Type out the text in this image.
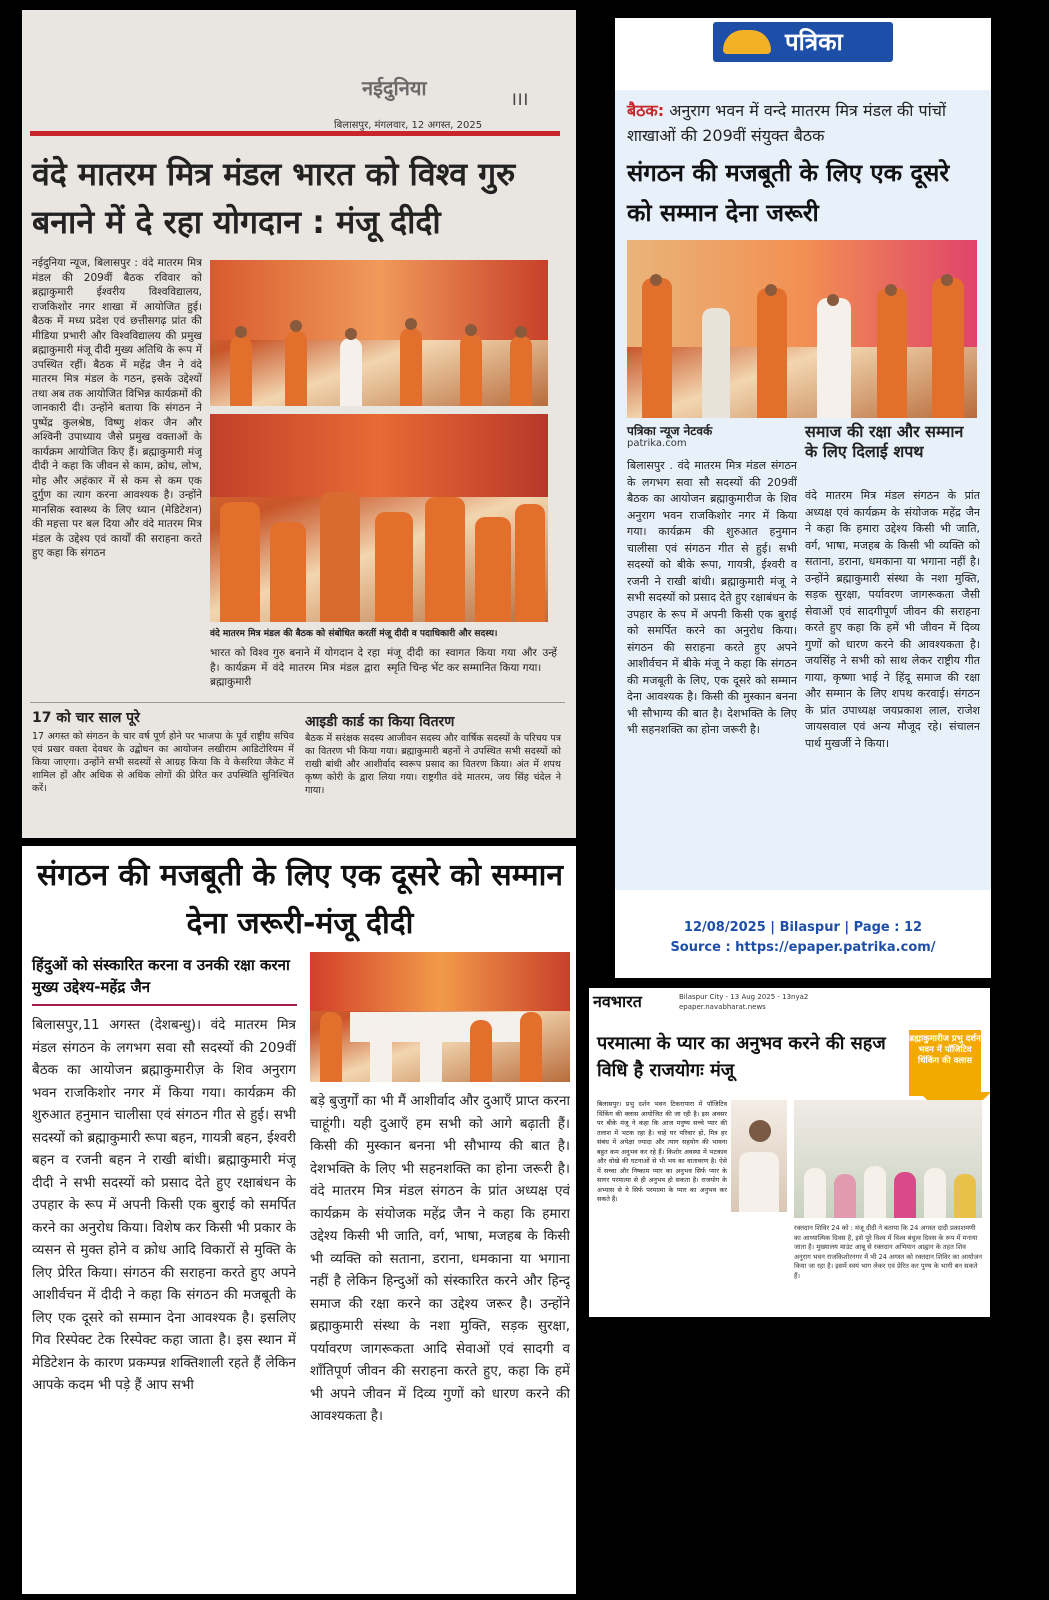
नईदुनिया	III
बिलासपुर, मंगलवार, 12 अगस्त, 2025
वंदे मातरम मित्र मंडल भारत को विश्व गुरु बनाने में दे रहा योगदान : मंजू दीदी
नईदुनिया न्यूज, बिलासपुर : वंदे मातरम मित्र मंडल की 209वीं बैठक रविवार को ब्रह्माकुमारी ईश्वरीय विश्वविद्यालय, राजकिशोर नगर शाखा में आयोजित हुई। बैठक में मध्य प्रदेश एवं छत्तीसगढ़ प्रांत की मीडिया प्रभारी और विश्वविद्यालय की प्रमुख ब्रह्माकुमारी मंजू दीदी मुख्य अतिथि के रूप में उपस्थित रहीं। बैठक में महेंद्र जैन ने वंदे मातरम मित्र मंडल के गठन, इसके उद्देश्यों तथा अब तक आयोजित विभिन्न कार्यक्रमों की जानकारी दी। उन्होंने बताया कि संगठन ने पुष्पेंद्र कुलश्रेष्ठ, विष्णु शंकर जैन और अश्विनी उपाध्याय जैसे प्रमुख वक्ताओं के कार्यक्रम आयोजित किए हैं। ब्रह्माकुमारी मंजू दीदी ने कहा कि जीवन से काम, क्रोध, लोभ, मोह और अहंकार में से कम से कम एक दुर्गुण का त्याग करना आवश्यक है। उन्होंने मानसिक स्वास्थ्य के लिए ध्यान (मेडिटेशन) की महत्ता पर बल दिया और वंदे मातरम मित्र मंडल के उद्देश्य एवं कार्यों की सराहना करते हुए कहा कि संगठन
वंदे मातरम मित्र मंडल की बैठक को संबोधित करतीं मंजू दीदी व पदाधिकारी और सदस्य।
भारत को विश्व गुरु बनाने में योगदान दे रहा है। कार्यक्रम में वंदे मातरम मित्र मंडल द्वारा ब्रह्माकुमारी
मंजू दीदी का स्वागत किया गया और उन्हें स्मृति चिन्ह भेंट कर सम्मानित किया गया।
17 को चार साल पूरे
17 अगस्त को संगठन के चार वर्ष पूर्ण होने पर भाजपा के पूर्व राष्ट्रीय सचिव एवं प्रखर वक्ता देवधर के उद्बोधन का आयोजन लखीराम आडिटोरियम में किया जाएगा। उन्होंने सभी सदस्यों से आग्रह किया कि वे केसरिया जैकेट में शामिल हों और अधिक से अधिक लोगों की प्रेरित कर उपस्थिति सुनिश्चित करें।
आइडी कार्ड का किया वितरण
बैठक में सरंक्षक सदस्य आजीवन सदस्य और वार्षिक सदस्यों के परिचय पत्र का वितरण भी किया गया। ब्रह्माकुमारी बहनों ने उपस्थित सभी सदस्यों को राखी बांधी और आशीर्वाद स्वरूप प्रसाद का वितरण किया। अंत में शपथ कृष्ण कोरी के द्वारा लिया गया। राष्ट्रगीत वंदे मातरम, जय सिंह चंदेल ने गाया।
पत्रिका
बैठक: अनुराग भवन में वन्दे मातरम मित्र मंडल की पांचों शाखाओं की 209वीं संयुक्त बैठक
संगठन की मजबूती के लिए एक दूसरे को सम्मान देना जरूरी
पत्रिका न्यूज नेटवर्क
patrika.com
बिलासपुर . वंदे मातरम मित्र मंडल संगठन के लगभग सवा सौ सदस्यों की 209वीं बैठक का आयोजन ब्रह्माकुमारीज के शिव अनुराग भवन राजकिशोर नगर में किया गया। कार्यक्रम की शुरुआत हनुमान चालीसा एवं संगठन गीत से हुई। सभी सदस्यों को बीके रूपा, गायत्री, ईश्वरी व रजनी ने राखी बांधी। ब्रह्माकुमारी मंजू ने सभी सदस्यों को प्रसाद देते हुए रक्षाबंधन के उपहार के रूप में अपनी किसी एक बुराई को समर्पित करने का अनुरोध किया। संगठन की सराहना करते हुए अपने आशीर्वचन में बीके मंजू ने कहा कि संगठन की मजबूती के लिए, एक दूसरे को सम्मान देना आवश्यक है। किसी की मुस्कान बनना भी सौभाग्य की बात है। देशभक्ति के लिए भी सहनशक्ति का होना जरूरी है।
समाज की रक्षा और सम्मान के लिए दिलाई शपथ
वंदे मातरम मित्र मंडल संगठन के प्रांत अध्यक्ष एवं कार्यक्रम के संयोजक महेंद्र जैन ने कहा कि हमारा उद्देश्य किसी भी जाति, वर्ग, भाषा, मजहब के किसी भी व्यक्ति को सताना, डराना, धमकाना या भगाना नहीं है। उन्होंने ब्रह्माकुमारी संस्था के नशा मुक्ति, सड़क सुरक्षा, पर्यावरण जागरूकता जैसी सेवाओं एवं सादगीपूर्ण जीवन की सराहना करते हुए कहा कि हमें भी जीवन में दिव्य गुणों को धारण करने की आवश्यकता है। जयसिंह ने सभी को साथ लेकर राष्ट्रीय गीत गाया, कृष्णा भाई ने हिंदू समाज की रक्षा और सम्मान के लिए शपथ करवाई। संगठन के प्रांत उपाध्यक्ष जयप्रकाश लाल, राजेश जायसवाल एवं अन्य मौजूद रहे। संचालन पार्थ मुखर्जी ने किया।
12/08/2025 | Bilaspur | Page : 12
Source : https://epaper.patrika.com/
संगठन की मजबूती के लिए एक दूसरे को सम्मान देना जरूरी-मंजू दीदी
हिंदुओं को संस्कारित करना व उनकी रक्षा करना मुख्य उद्देश्य-महेंद्र जैन
बिलासपुर,11 अगस्त (देशबन्धु)। वंदे मातरम मित्र मंडल संगठन के लगभग सवा सौ सदस्यों की 209वीं बैठक का आयोजन ब्रह्माकुमारीज़ के शिव अनुराग भवन राजकिशोर नगर में किया गया। कार्यक्रम की शुरुआत हनुमान चालीसा एवं संगठन गीत से हुई। सभी सदस्यों को ब्रह्माकुमारी रूपा बहन, गायत्री बहन, ईश्वरी बहन व रजनी बहन ने राखी बांधी। ब्रह्माकुमारी मंजू दीदी ने सभी सदस्यों को प्रसाद देते हुए रक्षाबंधन के उपहार के रूप में अपनी किसी एक बुराई को समर्पित करने का अनुरोध किया। विशेष कर किसी भी प्रकार के व्यसन से मुक्त होने व क्रोध आदि विकारों से मुक्ति के लिए प्रेरित किया। संगठन की सराहना करते हुए अपने आशीर्वचन में दीदी ने कहा कि संगठन की मजबूती के लिए एक दूसरे को सम्मान देना आवश्यक है। इसलिए गिव रिस्पेक्ट टेक रिस्पेक्ट कहा जाता है। इस स्थान में मेडिटेशन के कारण प्रकम्पन्न शक्तिशाली रहते हैं लेकिन आपके कदम भी पड़े हैं आप सभी
बड़े बुजुर्गों का भी मैं आशीर्वाद और दुआएँ प्राप्त करना चाहूंगी। यही दुआएँ हम सभी को आगे बढ़ाती हैं। किसी की मुस्कान बनना भी सौभाग्य की बात है। देशभक्ति के लिए भी सहनशक्ति का होना जरूरी है। वंदे मातरम मित्र मंडल संगठन के प्रांत अध्यक्ष एवं कार्यक्रम के संयोजक महेंद्र जैन ने कहा कि हमारा उद्देश्य किसी भी जाति, वर्ग, भाषा, मजहब के किसी भी व्यक्ति को सताना, डराना, धमकाना या भगाना नहीं है लेकिन हिन्दुओं को संस्कारित करने और हिन्दू समाज की रक्षा करने का उद्देश्य जरूर है। उन्होंने ब्रह्माकुमारी संस्था के नशा मुक्ति, सड़क सुरक्षा, पर्यावरण जागरूकता आदि सेवाओं एवं सादगी व शाँतिपूर्ण जीवन की सराहना करते हुए, कहा कि हमें भी अपने जीवन में दिव्य गुणों को धारण करने की आवश्यकता है।
नवभारत	Bilaspur City - 13 Aug 2025 - 13nya2
epaper.navabharat.news
परमात्मा के प्यार का अनुभव करने की सहज विधि है राजयोगः मंजू
ब्रह्माकुमारीज प्रभु दर्शन भवन में पॉजिटिव थिंकिंग की क्लास
बिलासपुर। प्रभु दर्शन भवन टिकरापारा में पॉजिटिव थिंकिंग की क्लास आयोजित की जा रही है। इस अवसर पर बीके मंजू ने कहा कि आज मनुष्य सच्चे प्यार की तलाश में भटक रहा है। चाहे घर परिवार हो, मित्र हर संबंध में अपेक्षा ज्यादा और त्याग सहयोग की भावना बहुत कम अनुभव कर रहे हैं। किशोर अवस्था में भटकाव और धोखे की घटनाओं से भी भय का वातावरण है। ऐसे में सच्चा और निष्काम प्यार का अनुभव सिर्फ प्यार के सागर परमात्मा से ही अनुभव हो सकता है। राजयोग के अभ्यास से ये सिर्फ परमात्मा के प्यार का अनुभव कर सकते हैं।
रक्तदान शिविर 24 को : मंजू दीदी ने बताया कि 24 अगस्त दादी प्रकाशमणी का आध्यात्मिक दिवस है, इसे पूरे विश्व में विश्व बंधुत्व दिवस के रूप में मनाया जाता है। मुख्यालय माउंट आबू से रक्तदान अभियान आह्वान के तहत शिव अनुराग भवन राजकिशोरनगर में भी 24 अगस्त को रक्तदान शिविर का आयोजन किया जा रहा है। इसमें स्वयं भाग लेकर एवं प्रेरित कर पुण्य के भागी बन सकते हैं।
